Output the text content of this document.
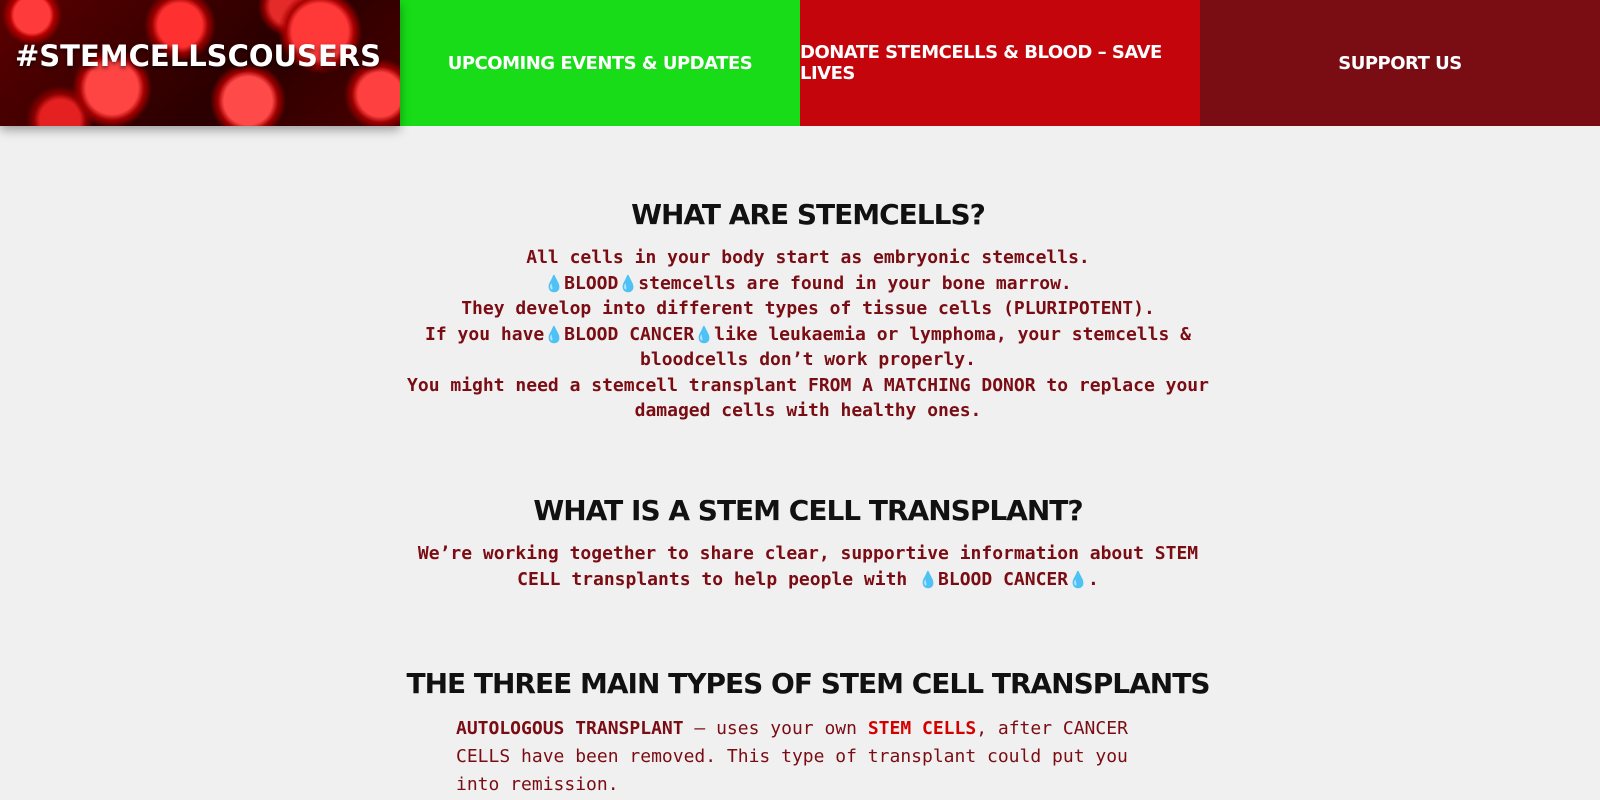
#STEMCELLSCOUSERS	UPCOMING EVENTS & UPDATES	DONATE STEMCELLS & BLOOD – SAVE LIVES	SUPPORT US
WHAT ARE STEMCELLS?

All cells in your body start as embryonic stemcells.
💧BLOOD💧stemcells are found in your bone marrow.
They develop into different types of tissue cells (PLURIPOTENT).
If you have💧BLOOD CANCER💧like leukaemia or lymphoma, your stemcells & bloodcells don’t work properly.
You might need a stemcell transplant FROM A MATCHING DONOR to replace your damaged cells with healthy ones.

WHAT IS A STEM CELL TRANSPLANT?

We’re working together to share clear, supportive information about STEM CELL transplants to help people with 💧BLOOD CANCER💧.

THE THREE MAIN TYPES OF STEM CELL TRANSPLANTS

AUTOLOGOUS TRANSPLANT – uses your own STEM CELLS, after CANCER CELLS have been removed. This type of transplant could put you into remission.
